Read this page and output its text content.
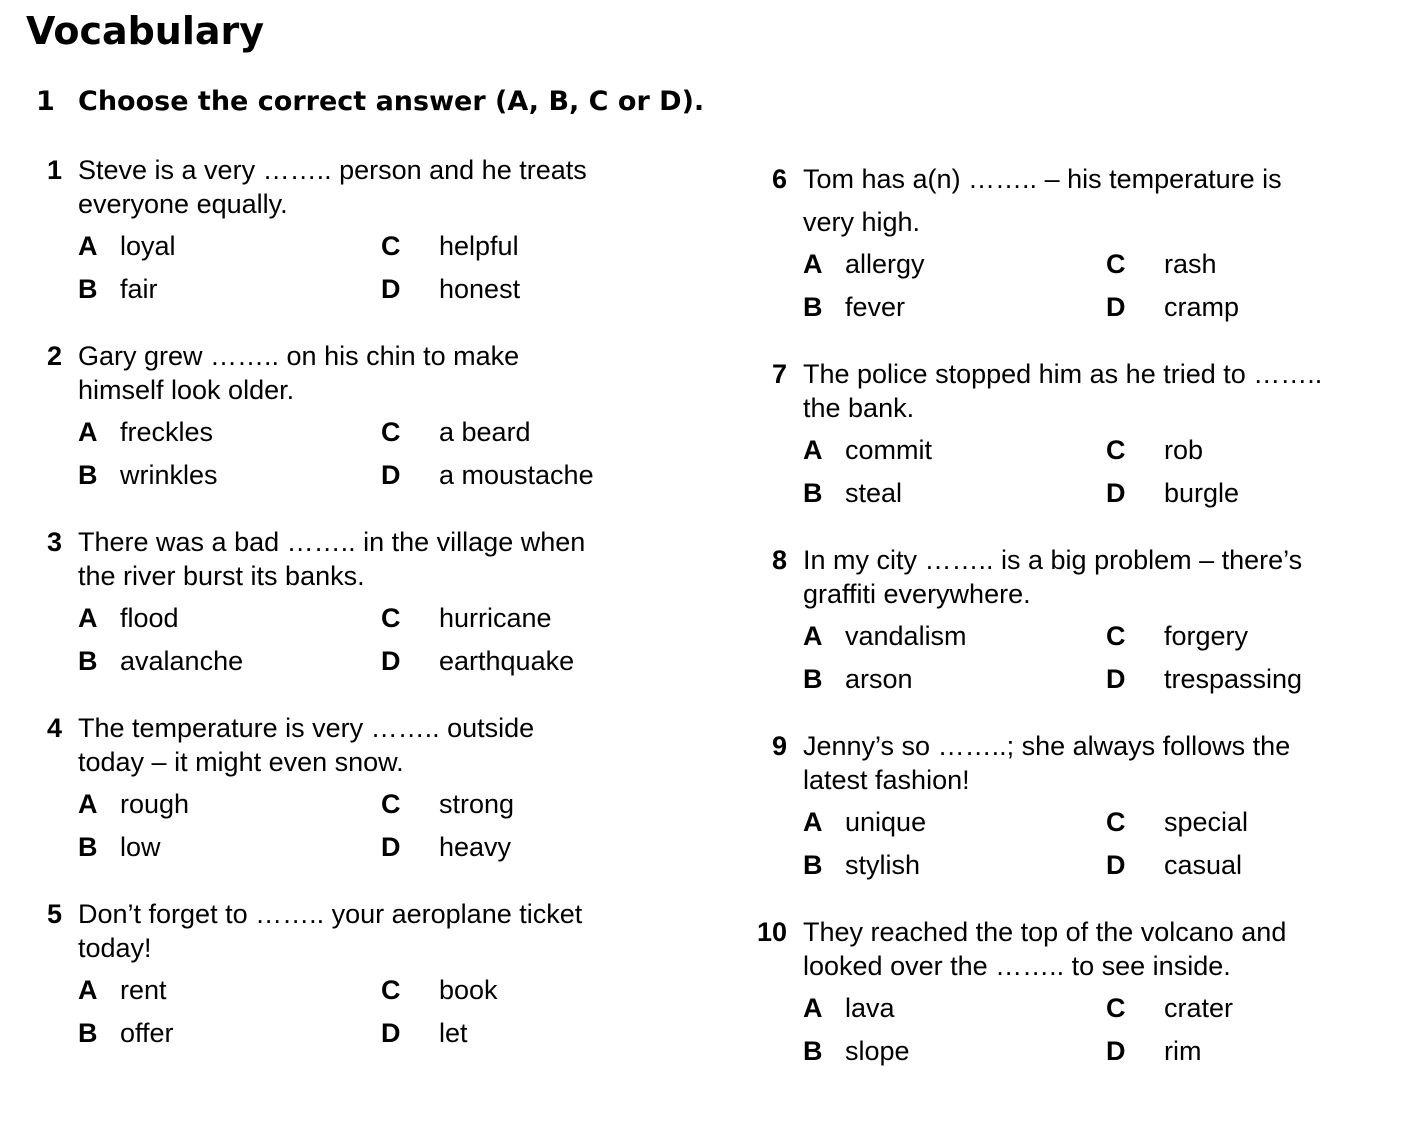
Vocabulary
1 Choose the correct answer (A, B, C or D).
1 Steve is a very …….. person and he treats
everyone equally.
A loyal
B fair
C helpful
D honest
2 Gary grew …….. on his chin to make
himself look older.
A freckles
B wrinkles
C a beard
D a moustache
3 There was a bad …….. in the village when
the river burst its banks.
A flood
B avalanche
C hurricane
D earthquake
4 The temperature is very …….. outside
today – it might even snow.
A rough
B low
C strong
D heavy
5 Don’t forget to …….. your aeroplane ticket
today!
A rent
B offer
C book
D let
6 Tom has a(n) …….. – his temperature is
very high.
A allergy
B fever
C rash
D cramp
7 The police stopped him as he tried to ……..
the bank.
A commit
B steal
C rob
D burgle
8 In my city …….. is a big problem – there’s
graffiti everywhere.
A vandalism
B arson
C forgery
D trespassing
9 Jenny’s so ……..; she always follows the
latest fashion!
A unique
B stylish
C special
D casual
10 They reached the top of the volcano and
looked over the …….. to see inside.
A lava
B slope
C crater
D rim
